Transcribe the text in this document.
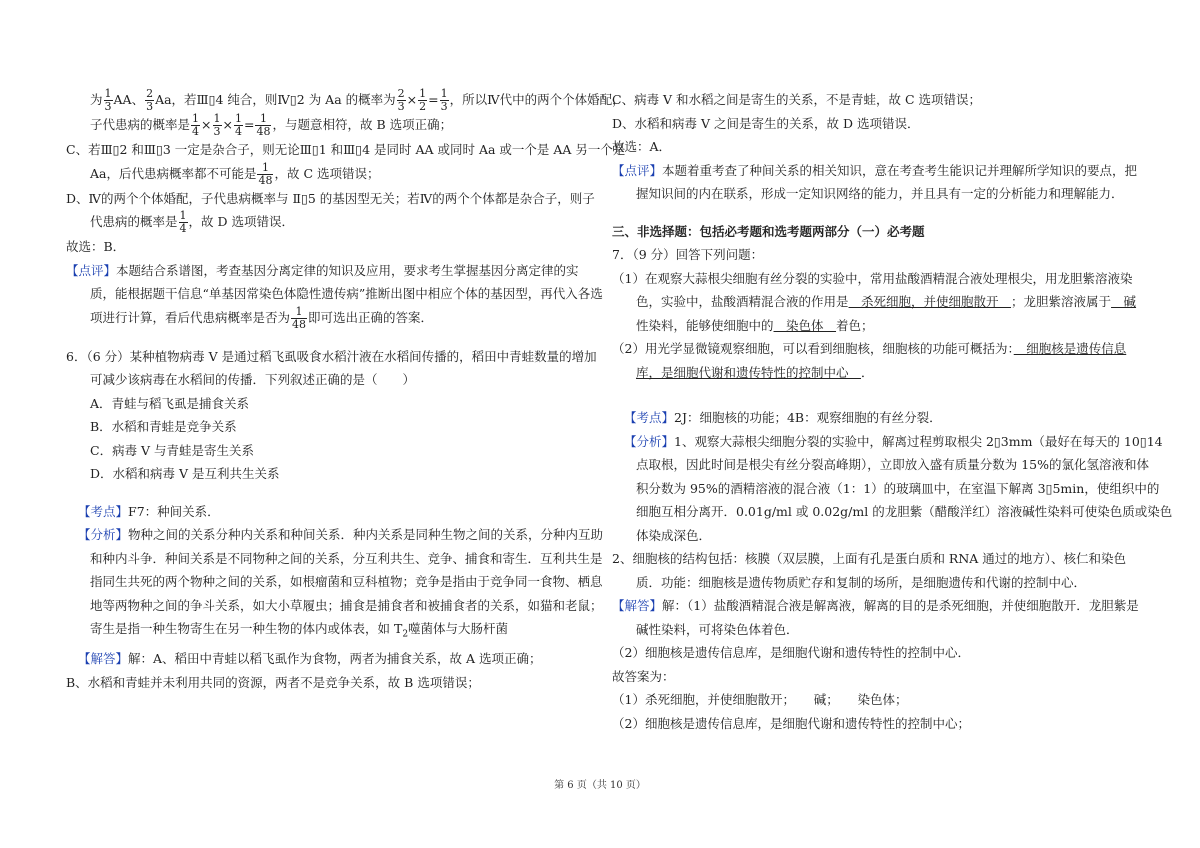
为 $\frac{1}{3}$ AA、 $\frac{2}{3}$ Aa，若Ⅲ▯4 纯合，则Ⅳ▯2 为 Aa 的概率为 $\frac{2}{3} \times \frac{1}{2} = \frac{1}{3}$ ，所以Ⅳ代中的两个个体婚配，
子代患病的概率是 $\frac{1}{4} \times \frac{1}{3} \times \frac{1}{4} = \frac{1}{48}$ ，与题意相符，故 B 选项正确；
C、若Ⅲ▯2 和Ⅲ▯3 一定是杂合子，则无论Ⅲ▯1 和Ⅲ▯4 是同时 AA 或同时 Aa 或一个是 AA 另一个是
Aa，后代患病概率都不可能是 $\frac{1}{48}$ ，故 C 选项错误；
D、Ⅳ的两个个体婚配，子代患病概率与 Ⅱ▯5 的基因型无关；若Ⅳ的两个个体都是杂合子，则子
代患病的概率是 $\frac{1}{4}$ ，故 D 选项错误．
故选：B．
【点评】本题结合系谱图，考查基因分离定律的知识及应用，要求考生掌握基因分离定律的实
质，能根据题干信息“单基因常染色体隐性遗传病”推断出图中相应个体的基因型，再代入各选
项进行计算，看后代患病概率是否为 $\frac{1}{48}$ 即可选出正确的答案．
6．（6 分）某种植物病毒 V 是通过稻飞虱吸食水稻汁液在水稻间传播的，稻田中青蛙数量的增加
可减少该病毒在水稻间的传播．下列叙述正确的是（　　）
A．青蛙与稻飞虱是捕食关系
B．水稻和青蛙是竞争关系
C．病毒 V 与青蛙是寄生关系
D．水稻和病毒 V 是互利共生关系
【考点】F7：种间关系．
【分析】物种之间的关系分种内关系和种间关系．种内关系是同种生物之间的关系，分种内互助
和种内斗争．种间关系是不同物种之间的关系，分互利共生、竞争、捕食和寄生．互利共生是
指同生共死的两个物种之间的关系，如根瘤菌和豆科植物；竞争是指由于竞争同一食物、栖息
地等两物种之间的争斗关系，如大小草履虫；捕食是捕食者和被捕食者的关系，如猫和老鼠；
寄生是指一种生物寄生在另一种生物的体内或体表，如 $T_2$噬菌体与大肠杆菌
【解答】解：A、稻田中青蛙以稻飞虱作为食物，两者为捕食关系，故 A 选项正确；
B、水稻和青蛙并未利用共同的资源，两者不是竞争关系，故 B 选项错误；
C、病毒 V 和水稻之间是寄生的关系，不是青蛙，故 C 选项错误；
D、水稻和病毒 V 之间是寄生的关系，故 D 选项错误．
故选：A．
【点评】本题着重考查了种间关系的相关知识，意在考查考生能识记并理解所学知识的要点，把
握知识间的内在联系，形成一定知识网络的能力，并且具有一定的分析能力和理解能力．
三、非选择题：包括必考题和选考题两部分（一）必考题
7．（9 分）回答下列问题：
（1）在观察大蒜根尖细胞有丝分裂的实验中，常用盐酸酒精混合液处理根尖，用龙胆紫溶液染
色，实验中，盐酸酒精混合液的作用是　杀死细胞，并使细胞散开　；龙胆紫溶液属于　碱
性染料，能够使细胞中的　染色体　着色；
（2）用光学显微镜观察细胞，可以看到细胞核，细胞核的功能可概括为：　细胞核是遗传信息
库，是细胞代谢和遗传特性的控制中心　．
【考点】2J：细胞核的功能；4B：观察细胞的有丝分裂．
【分析】1、观察大蒜根尖细胞分裂的实验中，解离过程剪取根尖 2▯3mm（最好在每天的 10▯14
点取根，因此时间是根尖有丝分裂高峰期），立即放入盛有质量分数为 15%的氯化氢溶液和体
积分数为 95%的酒精溶液的混合液（1：1）的玻璃皿中，在室温下解离 3▯5min，使组织中的
细胞互相分离开．0.01g/ml 或 0.02g/ml 的龙胆紫（醋酸洋红）溶液碱性染料可使染色质或染色
体染成深色．
2、细胞核的结构包括：核膜（双层膜，上面有孔是蛋白质和 RNA 通过的地方）、核仁和染色
质．功能：细胞核是遗传物质贮存和复制的场所，是细胞遗传和代谢的控制中心．
【解答】解：（1）盐酸酒精混合液是解离液，解离的目的是杀死细胞，并使细胞散开．龙胆紫是
碱性染料，可将染色体着色．
（2）细胞核是遗传信息库，是细胞代谢和遗传特性的控制中心．
故答案为：
（1）杀死细胞，并使细胞散开；　　碱；　　染色体；
（2）细胞核是遗传信息库，是细胞代谢和遗传特性的控制中心；
第 6 页（共 10 页）
